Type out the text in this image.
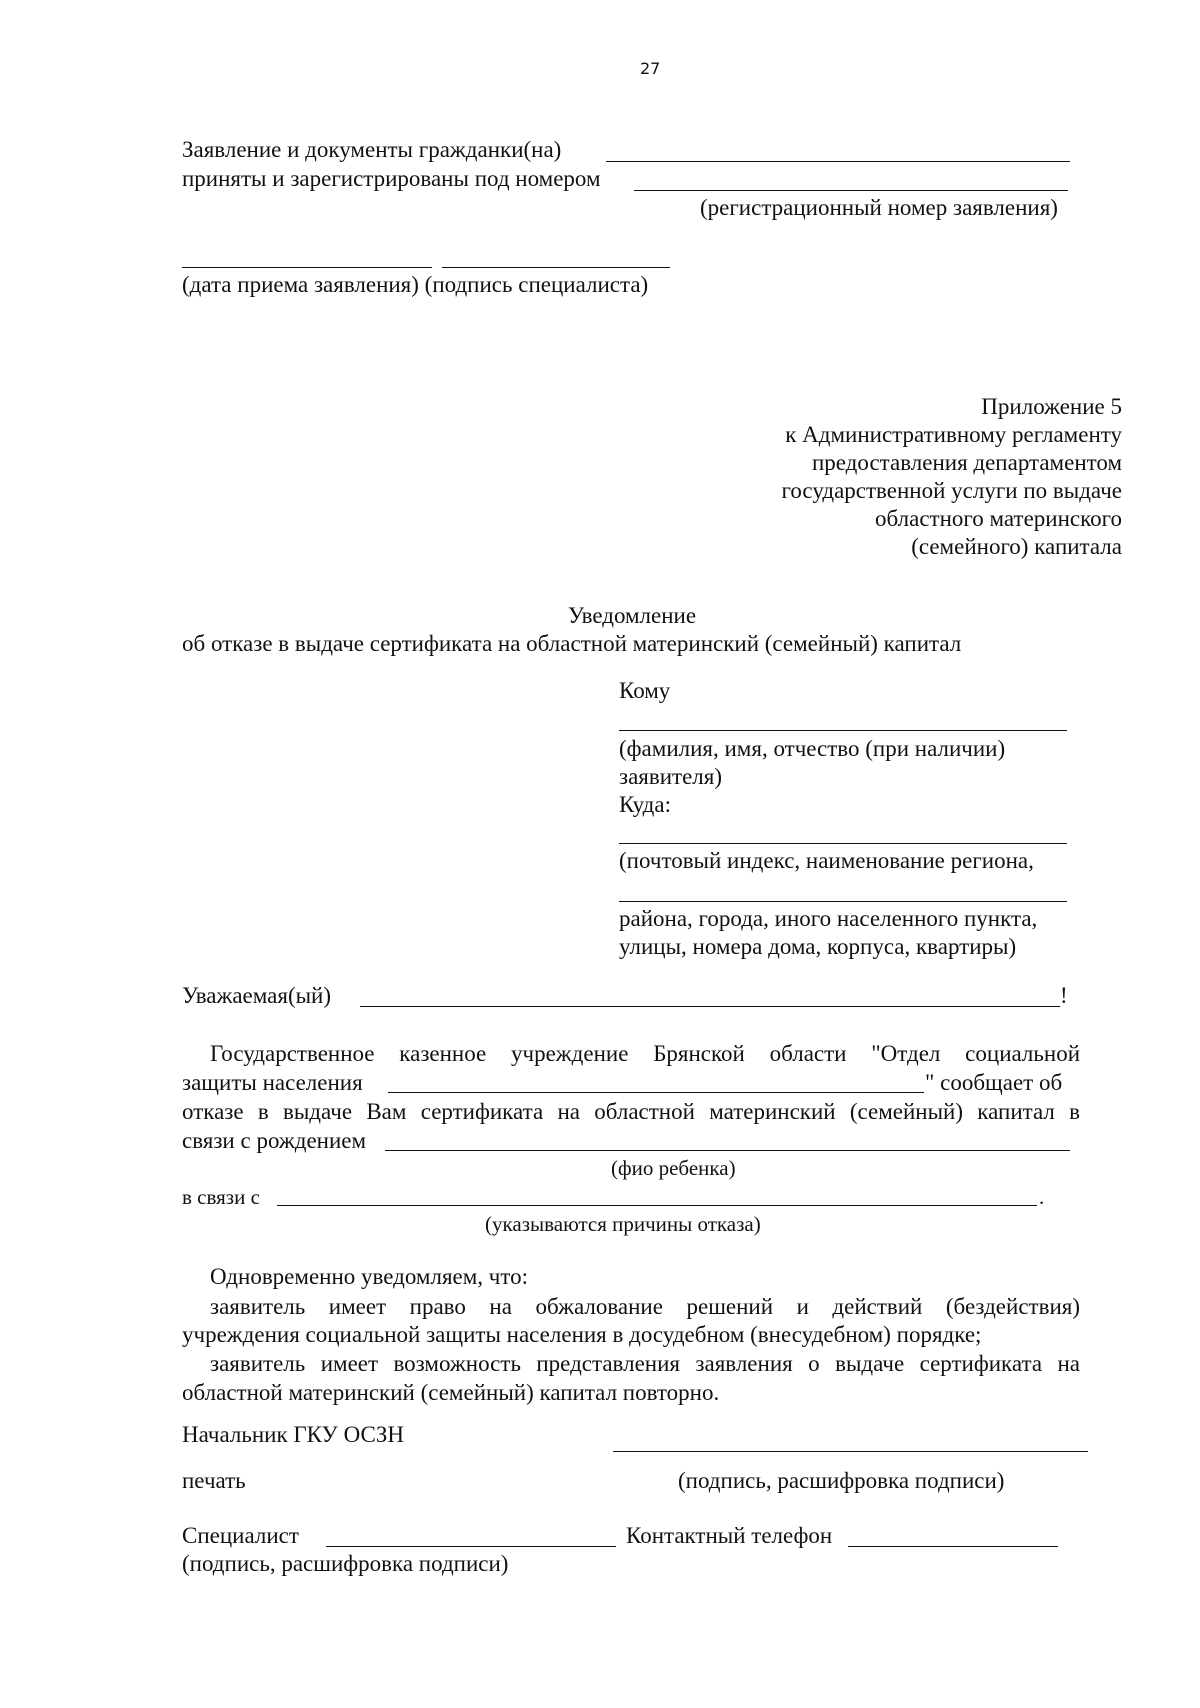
27
Заявление и документы гражданки(на)
приняты и зарегистрированы под номером
(регистрационный номер заявления)
(дата приема заявления) (подпись специалиста)
Приложение 5
к Административному регламенту
предоставления департаментом
государственной услуги по выдаче
областного материнского
(семейного) капитала
Уведомление
об отказе в выдаче сертификата на областной материнский (семейный) капитал
Кому
(фамилия, имя, отчество (при наличии)
заявителя)
Куда:
(почтовый индекс, наименование региона,
района, города, иного населенного пункта,
улицы, номера дома, корпуса, квартиры)
Уважаемая(ый)	!
Государственное казенное учреждение Брянской области "Отдел социальной
защиты населения	" сообщает об
отказе в выдаче Вам сертификата на областной материнский (семейный) капитал в
связи с рождением
(фио ребенка)
в связи с	.
(указываются причины отказа)
Одновременно уведомляем, что:
заявитель имеет право на обжалование решений и действий (бездействия)
учреждения социальной защиты населения в досудебном (внесудебном) порядке;
заявитель имеет возможность представления заявления о выдаче сертификата на
областной материнский (семейный) капитал повторно.
Начальник ГКУ ОСЗН
печать	(подпись, расшифровка подписи)
Специалист	Контактный телефон
(подпись, расшифровка подписи)
